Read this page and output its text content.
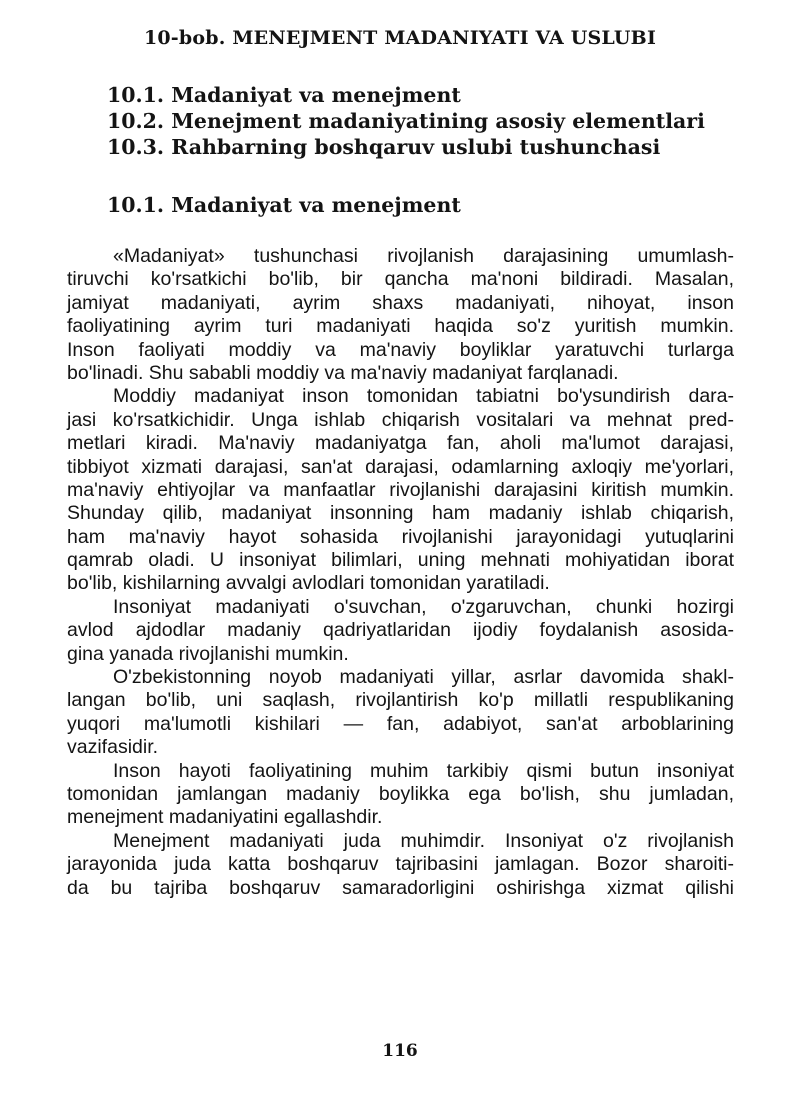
10-bob. MENEJMENT MADANIYATI VA USLUBI
10.1. Madaniyat va menejment
10.2. Menejment madaniyatining asosiy elementlari
10.3. Rahbarning boshqaruv uslubi tushunchasi
10.1. Madaniyat va menejment

«Madaniyat» tushunchasi rivojlanish darajasining umumlash-
tiruvchi ko'rsatkichi bo'lib, bir qancha ma'noni bildiradi. Masalan,
jamiyat madaniyati, ayrim shaxs madaniyati, nihoyat, inson
faoliyatining ayrim turi madaniyati haqida so'z yuritish mumkin.
Inson faoliyati moddiy va ma'naviy boyliklar yaratuvchi turlarga
bo'linadi. Shu sababli moddiy va ma'naviy madaniyat farqlanadi.

Moddiy madaniyat inson tomonidan tabiatni bo'ysundirish dara-
jasi ko'rsatkichidir. Unga ishlab chiqarish vositalari va mehnat pred-
metlari kiradi. Ma'naviy madaniyatga fan, aholi ma'lumot darajasi,
tibbiyot xizmati darajasi, san'at darajasi, odamlarning axloqiy me'yorlari,
ma'naviy ehtiyojlar va manfaatlar rivojlanishi darajasini kiritish mumkin.
Shunday qilib, madaniyat insonning ham madaniy ishlab chiqarish,
ham ma'naviy hayot sohasida rivojlanishi jarayonidagi yutuqlarini
qamrab oladi. U insoniyat bilimlari, uning mehnati mohiyatidan iborat
bo'lib, kishilarning avvalgi avlodlari tomonidan yaratiladi.

Insoniyat madaniyati o'suvchan, o'zgaruvchan, chunki hozirgi
avlod ajdodlar madaniy qadriyatlaridan ijodiy foydalanish asosida-
gina yanada rivojlanishi mumkin.

O'zbekistonning noyob madaniyati yillar, asrlar davomida shakl-
langan bo'lib, uni saqlash, rivojlantirish ko'p millatli respublikaning
yuqori ma'lumotli kishilari — fan, adabiyot, san'at arboblarining
vazifasidir.

Inson hayoti faoliyatining muhim tarkibiy qismi butun insoniyat
tomonidan jamlangan madaniy boylikka ega bo'lish, shu jumladan,
menejment madaniyatini egallashdir.

Menejment madaniyati juda muhimdir. Insoniyat o'z rivojlanish
jarayonida juda katta boshqaruv tajribasini jamlagan. Bozor sharoiti-
da bu tajriba boshqaruv samaradorligini oshirishga xizmat qilishi

116
